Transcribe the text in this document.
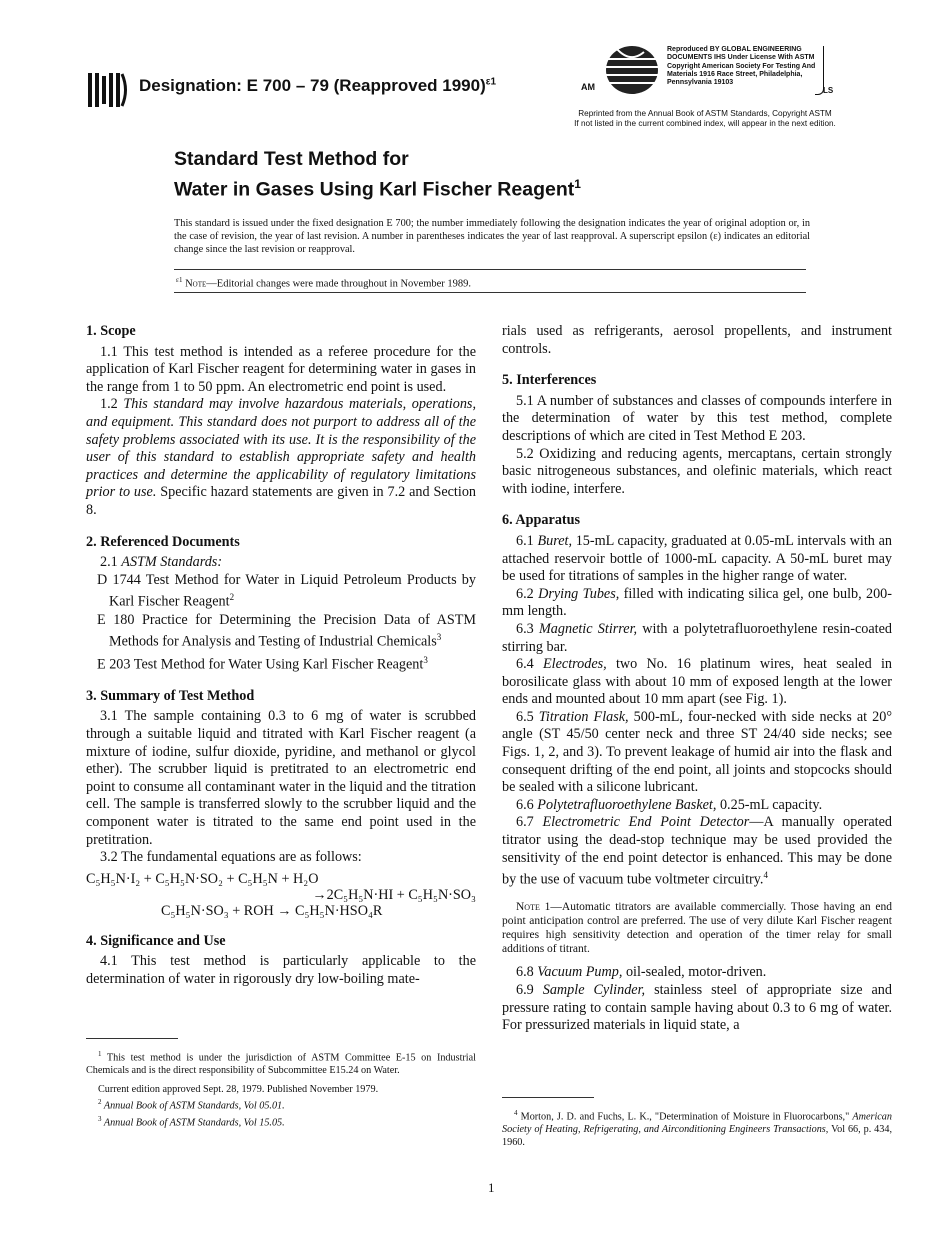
Designation: E 700 – 79 (Reapproved 1990)$^{\varepsilon 1}$	AM
Reproduced BY GLOBAL ENGINEERING
DOCUMENTS IHS Under License With ASTM
Copyright American Society For Testing And
Materials 1916 Race Street, Philadelphia,
Pennsylvania 19103
LS
Reprinted from the Annual Book of ASTM Standards, Copyright ASTM
If not listed in the current combined index, will appear in the next edition.
Standard Test Method for
Water in Gases Using Karl Fischer Reagent$^1$
This standard is issued under the fixed designation E 700; the number immediately following the designation indicates the year of original adoption or, in the case of revision, the year of last revision. A number in parentheses indicates the year of last reapproval. A superscript epsilon (ε) indicates an editorial change since the last revision or reapproval.
$^{\varepsilon 1}$ Note—Editorial changes were made throughout in November 1989.
1. Scope

1.1 This test method is intended as a referee procedure for the application of Karl Fischer reagent for determining water in gases in the range from 1 to 50 ppm. An electrometric end point is used.

1.2 This standard may involve hazardous materials, operations, and equipment. This standard does not purport to address all of the safety problems associated with its use. It is the responsibility of the user of this standard to establish appropriate safety and health practices and determine the applicability of regulatory limitations prior to use. Specific hazard statements are given in 7.2 and Section 8.

2. Referenced Documents

2.1 ASTM Standards:

D 1744 Test Method for Water in Liquid Petroleum Products by Karl Fischer Reagent$^2$

E 180 Practice for Determining the Precision Data of ASTM Methods for Analysis and Testing of Industrial Chemicals$^3$

E 203 Test Method for Water Using Karl Fischer Reagent$^3$

3. Summary of Test Method

3.1 The sample containing 0.3 to 6 mg of water is scrubbed through a suitable liquid and titrated with Karl Fischer reagent (a mixture of iodine, sulfur dioxide, pyridine, and methanol or glycol ether). The scrubber liquid is pretitrated to an electrometric end point to consume all contaminant water in the liquid and the titration cell. The sample is transferred slowly to the scrubber liquid and the component water is titrated to the same end point used in the pretitration.

3.2 The fundamental equations are as follows:

C₅H₅N·I₂ + C₅H₅N·SO₂ + C₅H₅N + H₂O
→2C₅H₅N·HI + C₅H₅N·SO₃
C₅H₅N·SO₃ + ROH → C₅H₅N·HSO₄R
4. Significance and Use

4.1 This test method is particularly applicable to the determination of water in rigorously dry low-boiling mate-

$^1$ This test method is under the jurisdiction of ASTM Committee E-15 on Industrial Chemicals and is the direct responsibility of Subcommittee E15.24 on Water.
Current edition approved Sept. 28, 1979. Published November 1979.
$^2$ Annual Book of ASTM Standards, Vol 05.01.
$^3$ Annual Book of ASTM Standards, Vol 15.05.

rials used as refrigerants, aerosol propellents, and instrument controls.

5. Interferences

5.1 A number of substances and classes of compounds interfere in the determination of water by this test method, complete descriptions of which are cited in Test Method E 203.

5.2 Oxidizing and reducing agents, mercaptans, certain strongly basic nitrogeneous substances, and olefinic materials, which react with iodine, interfere.

6. Apparatus

6.1 Buret, 15-mL capacity, graduated at 0.05-mL intervals with an attached reservoir bottle of 1000-mL capacity. A 50-mL buret may be used for titrations of samples in the higher range of water.

6.2 Drying Tubes, filled with indicating silica gel, one bulb, 200-mm length.

6.3 Magnetic Stirrer, with a polytetrafluoroethylene resin-coated stirring bar.

6.4 Electrodes, two No. 16 platinum wires, heat sealed in borosilicate glass with about 10 mm of exposed length at the lower ends and mounted about 10 mm apart (see Fig. 1).

6.5 Titration Flask, 500-mL, four-necked with side necks at 20° angle (ST 45/50 center neck and three ST 24/40 side necks; see Figs. 1, 2, and 3). To prevent leakage of humid air into the flask and consequent drifting of the end point, all joints and stopcocks should be sealed with a silicone lubricant.

6.6 Polytetrafluoroethylene Basket, 0.25-mL capacity.

6.7 Electrometric End Point Detector—A manually operated titrator using the dead-stop technique may be used provided the sensitivity of the end point detector is enhanced. This may be done by the use of vacuum tube voltmeter circuitry.$^4$

Note 1—Automatic titrators are available commercially. Those having an end point anticipation control are preferred. The use of very dilute Karl Fischer reagent requires high sensitivity detection and operation of the timer relay for small additions of titrant.

6.8 Vacuum Pump, oil-sealed, motor-driven.

6.9 Sample Cylinder, stainless steel of appropriate size and pressure rating to contain sample having about 0.3 to 6 mg of water. For pressurized materials in liquid state, a

$^4$ Morton, J. D. and Fuchs, L. K., "Determination of Moisture in Fluorocarbons," American Society of Heating, Refrigerating, and Airconditioning Engineers Transactions, Vol 66, p. 434, 1960.
1
